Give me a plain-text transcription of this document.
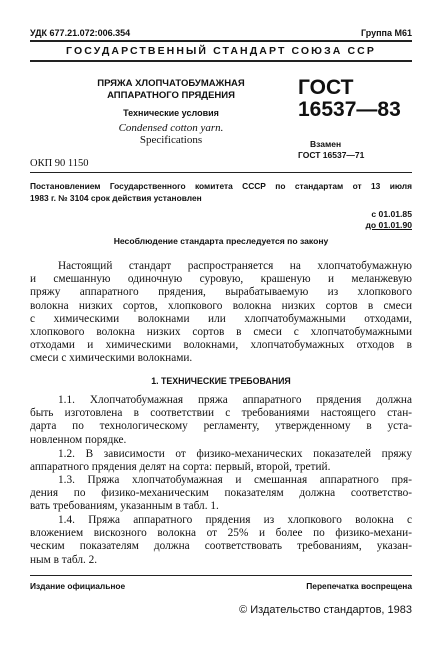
УДК 677.21.072:006.354	Группа М61
ГОСУДАРСТВЕННЫЙ СТАНДАРТ СОЮЗА ССР
ПРЯЖА ХЛОПЧАТОБУМАЖНАЯ
АППАРАТНОГО ПРЯДЕНИЯ
Технические условия
Condensed cotton yarn.
Specifications
ГОСТ
16537—83
Взамен
ГОСТ 16537—71
ОКП 90 1150
Постановлением Государственного комитета СССР по стандартам от 13 июля
1983 г. № 3104 срок действия установлен
с 01.01.85
до 01.01.90
Несоблюдение стандарта преследуется по закону
Настоящий стандарт распространяется на хлопчатобумажную
и смешанную одиночную суровую, крашеную и меланжевую
пряжу аппаратного прядения, вырабатываемую из хлопкового
волокна низких сортов, хлопкового волокна низких сортов в смеси
с химическими волокнами или хлопчатобумажными отходами,
хлопкового волокна низких сортов в смеси с хлопчатобумажными
отходами и химическими волокнами, хлопчатобумажных отходов в
смеси с химическими волокнами.
1. ТЕХНИЧЕСКИЕ ТРЕБОВАНИЯ
1.1. Хлопчатобумажная пряжа аппаратного прядения должна
быть изготовлена в соответствии с требованиями настоящего стан-
дарта по технологическому регламенту, утвержденному в уста-
новленном порядке.
1.2. В зависимости от физико-механических показателей пряжу
аппаратного прядения делят на сорта: первый, второй, третий.
1.3. Пряжа хлопчатобумажная и смешанная аппаратного пря-
дения по физико-механическим показателям должна соответство-
вать требованиям, указанным в табл. 1.
1.4. Пряжа аппаратного прядения из хлопкового волокна с
вложением вискозного волокна от 25% и более по физико-механи-
ческим показателям должна соответствовать требованиям, указан-
ным в табл. 2.
Издание официальное	Перепечатка воспрещена
© Издательство стандартов, 1983
